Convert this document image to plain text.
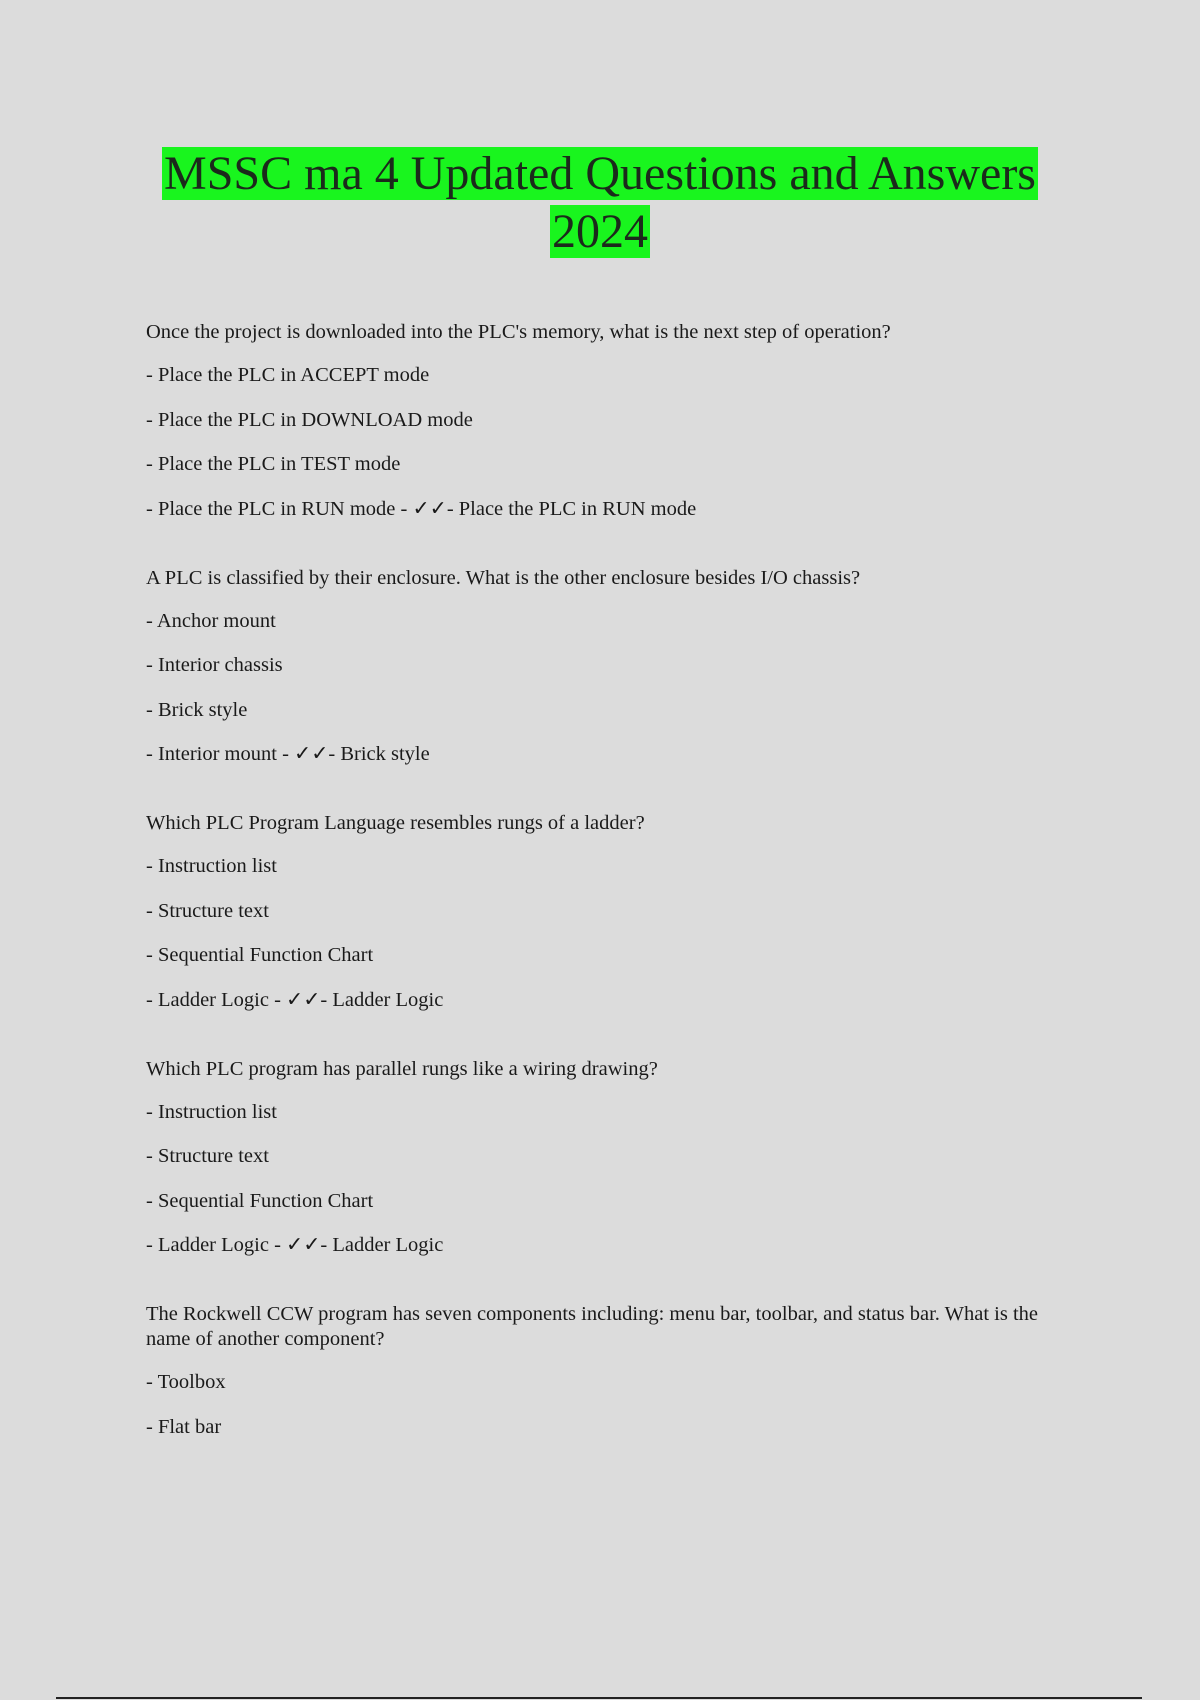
MSSC ma 4 Updated Questions and Answers
2024
Once the project is downloaded into the PLC's memory, what is the next step of operation?
- Place the PLC in ACCEPT mode
- Place the PLC in DOWNLOAD mode
- Place the PLC in TEST mode
- Place the PLC in RUN mode - ✓✓- Place the PLC in RUN mode
A PLC is classified by their enclosure. What is the other enclosure besides I/O chassis?
- Anchor mount
- Interior chassis
- Brick style
- Interior mount - ✓✓- Brick style
Which PLC Program Language resembles rungs of a ladder?
- Instruction list
- Structure text
- Sequential Function Chart
- Ladder Logic - ✓✓- Ladder Logic
Which PLC program has parallel rungs like a wiring drawing?
- Instruction list
- Structure text
- Sequential Function Chart
- Ladder Logic - ✓✓- Ladder Logic
The Rockwell CCW program has seven components including: menu bar, toolbar, and status bar. What is the name of another component?
- Toolbox
- Flat bar
